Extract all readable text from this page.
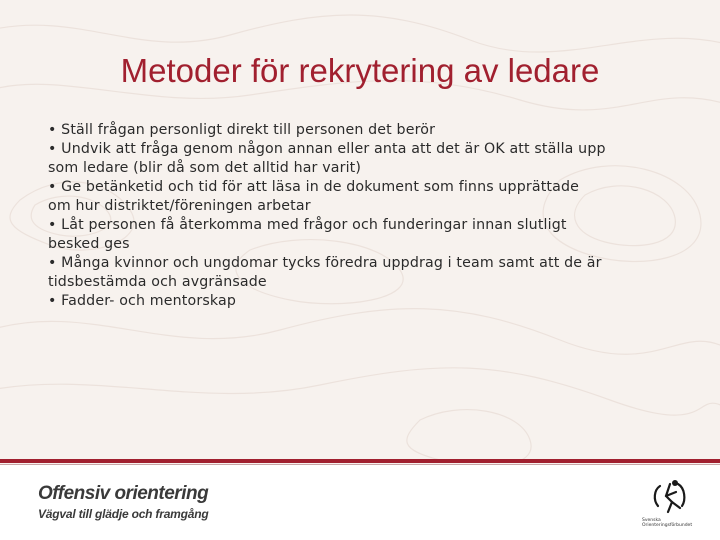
Metoder för rekrytering av ledare
• Ställ frågan personligt direkt till personen det berör
• Undvik att fråga genom någon annan eller anta att det är OK att ställa upp
som ledare (blir då som det alltid har varit)
• Ge betänketid och tid för att läsa in de dokument som finns upprättade
om hur distriktet/föreningen arbetar
• Låt personen få återkomma med frågor och funderingar innan slutligt
besked ges
• Många kvinnor och ungdomar tycks föredra uppdrag i team samt att de är
tidsbestämda och avgränsade
• Fadder- och mentorskap
Offensiv orientering
Vägval till glädje och framgång	Svenska
Orienteringsförbundet
